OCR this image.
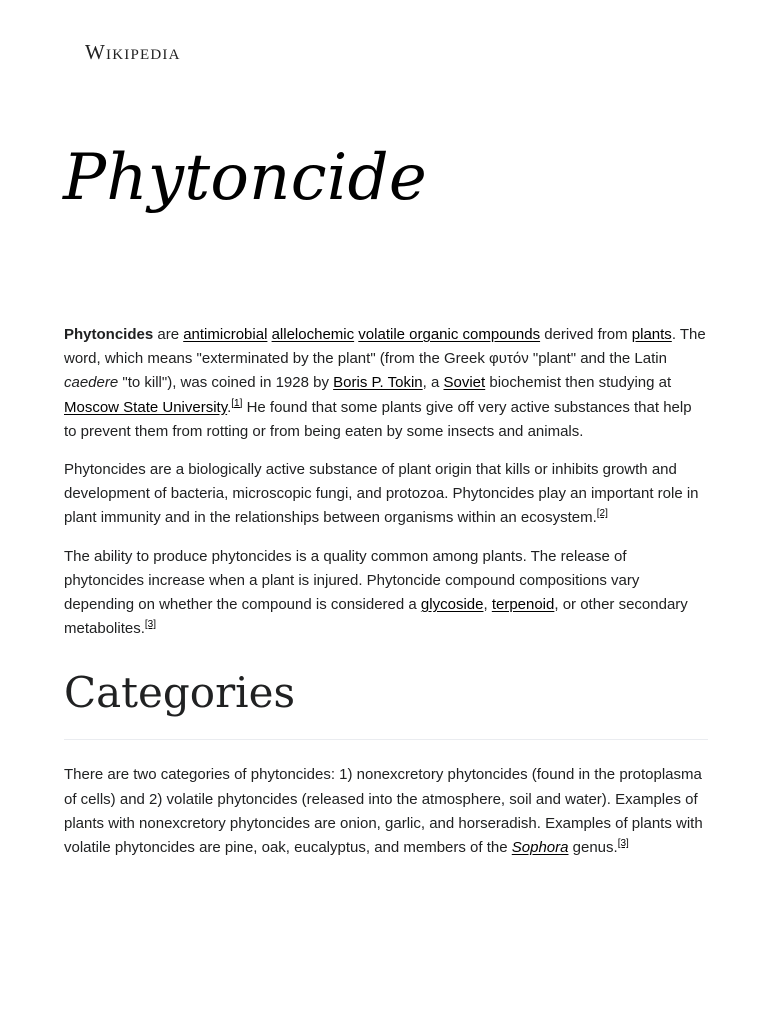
Wikipedia
Phytoncide

Phytoncides are antimicrobial allelochemic volatile organic compounds derived from plants. The word, which means "exterminated by the plant" (from the Greek φυτόν "plant" and the Latin caedere "to kill"), was coined in 1928 by Boris P. Tokin, a Soviet biochemist then studying at Moscow State University.[1] He found that some plants give off very active substances that help to prevent them from rotting or from being eaten by some insects and animals.

Phytoncides are a biologically active substance of plant origin that kills or inhibits growth and development of bacteria, microscopic fungi, and protozoa. Phytoncides play an important role in plant immunity and in the relationships between organisms within an ecosystem.[2]

The ability to produce phytoncides is a quality common among plants. The release of phytoncides increase when a plant is injured. Phytoncide compound compositions vary depending on whether the compound is considered a glycoside, terpenoid, or other secondary metabolites.[3]

Categories

There are two categories of phytoncides: 1) nonexcretory phytoncides (found in the protoplasma of cells) and 2) volatile phytoncides (released into the atmosphere, soil and water). Examples of plants with nonexcretory phytoncides are onion, garlic, and horseradish. Examples of plants with volatile phytoncides are pine, oak, eucalyptus, and members of the Sophora genus.[3]
